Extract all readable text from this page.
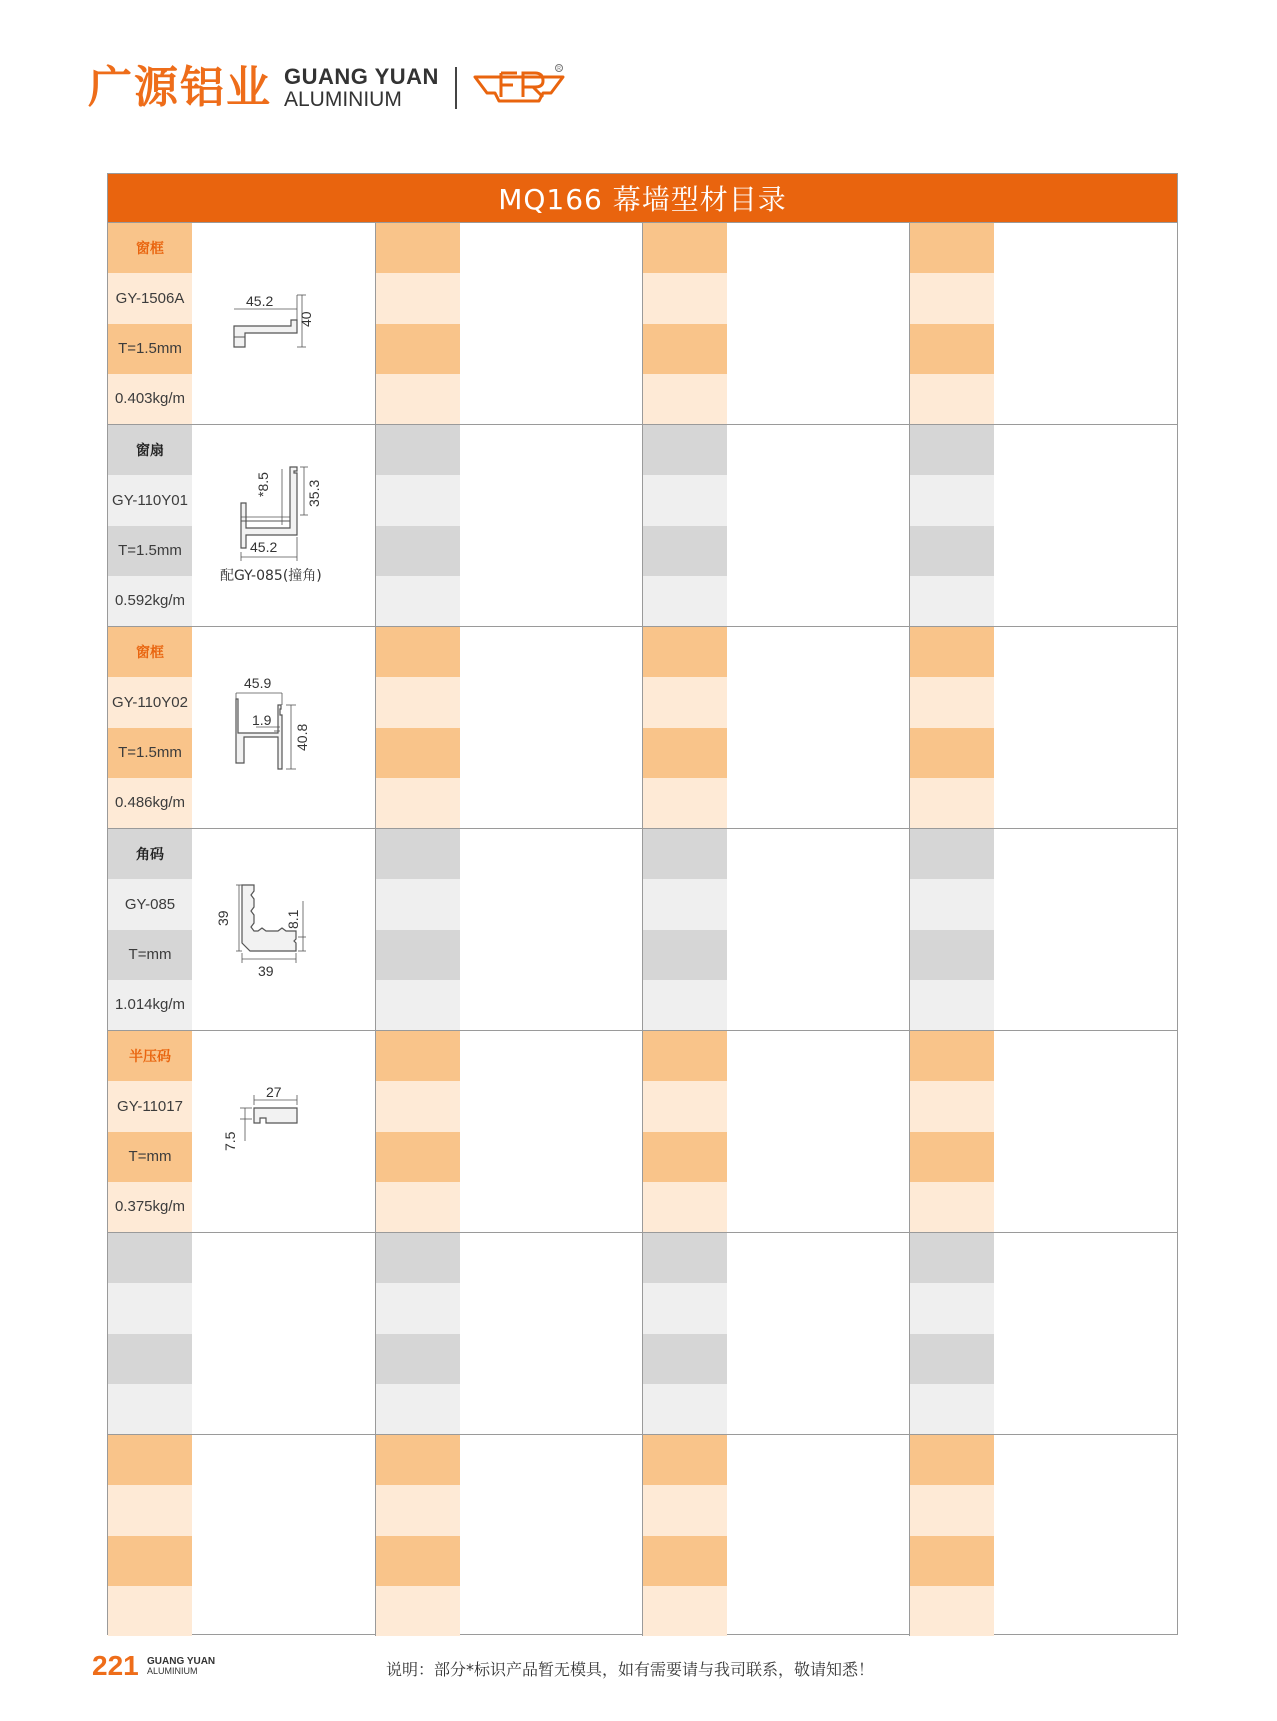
广源铝业 GUANG YUAN
ALUMINIUM
R
MQ166 幕墙型材目录
窗框
GY-1506A
T=1.5mm
0.403kg/m
45.2
40
窗扇
GY-110Y01
T=1.5mm
0.592kg/m
*8.5	35.3
45.2
配GY-085(撞角)
窗框
GY-110Y02
T=1.5mm
0.486kg/m
45.9
1.9
40.8
角码
GY-085
T=mm
1.014kg/m
39	8.1
39
半压码
GY-11017
T=mm
0.375kg/m
27
7.5
221 GUANG YUAN
ALUMINIUM	说明：部分*标识产品暂无模具，如有需要请与我司联系，敬请知悉！
